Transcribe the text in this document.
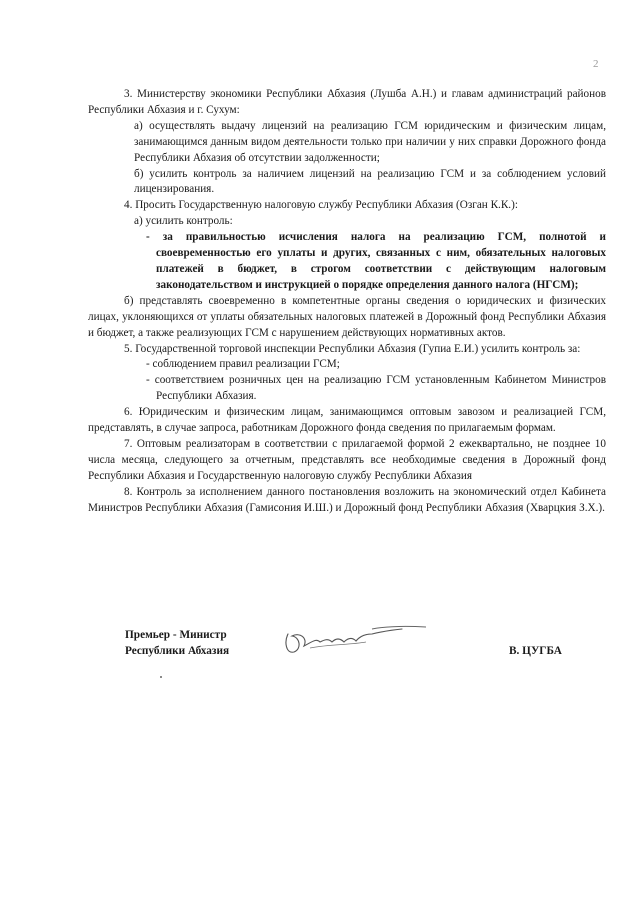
2

3. Министерству экономики Республики Абхазия (Лушба А.Н.) и главам администраций районов Республики Абхазия и г. Сухум:

а) осуществлять выдачу лицензий на реализацию ГСМ юридическим и физическим лицам, занимающимся данным видом деятельности только при наличии у них справки Дорожного фонда Республики Абхазия об отсутствии задолженности;

б) усилить контроль за наличием лицензий на реализацию ГСМ и за соблюдением условий лицензирования.

4. Просить Государственную налоговую службу Республики Абхазия (Озган К.К.):

а) усилить контроль:

- за правильностью исчисления налога на реализацию ГСМ, полнотой и своевременностью его уплаты и других, связанных с ним, обязательных налоговых платежей в бюджет, в строгом соответствии с действующим налоговым законодательством и инструкцией о порядке определения данного налога (НГСМ);

б) представлять своевременно в компетентные органы сведения о юридических и физических лицах, уклоняющихся от уплаты обязательных налоговых платежей в Дорожный фонд Республики Абхазия и бюджет, а также реализующих ГСМ с нарушением действующих нормативных актов.

5. Государственной торговой инспекции Республики Абхазия (Гупиа Е.И.) усилить контроль за:

- соблюдением правил реализации ГСМ;

- соответствием розничных цен на реализацию ГСМ установленным Кабинетом Министров Республики Абхазия.

6. Юридическим и физическим лицам, занимающимся оптовым завозом и реализацией ГСМ, представлять, в случае запроса, работникам Дорожного фонда сведения по прилагаемым формам.

7. Оптовым реализаторам в соответствии с прилагаемой формой 2 ежеквартально, не позднее 10 числа месяца, следующего за отчетным, представлять все необходимые сведения в Дорожный фонд Республики Абхазия и Государственную налоговую службу Республики Абхазия

8. Контроль за исполнением данного постановления возложить на экономический отдел Кабинета Министров Республики Абхазия (Гамисония И.Ш.) и Дорожный фонд Республики Абхазия (Хварцкия З.Х.).

Премьер - Министр
Республики Абхазия	В. ЦУГБА
